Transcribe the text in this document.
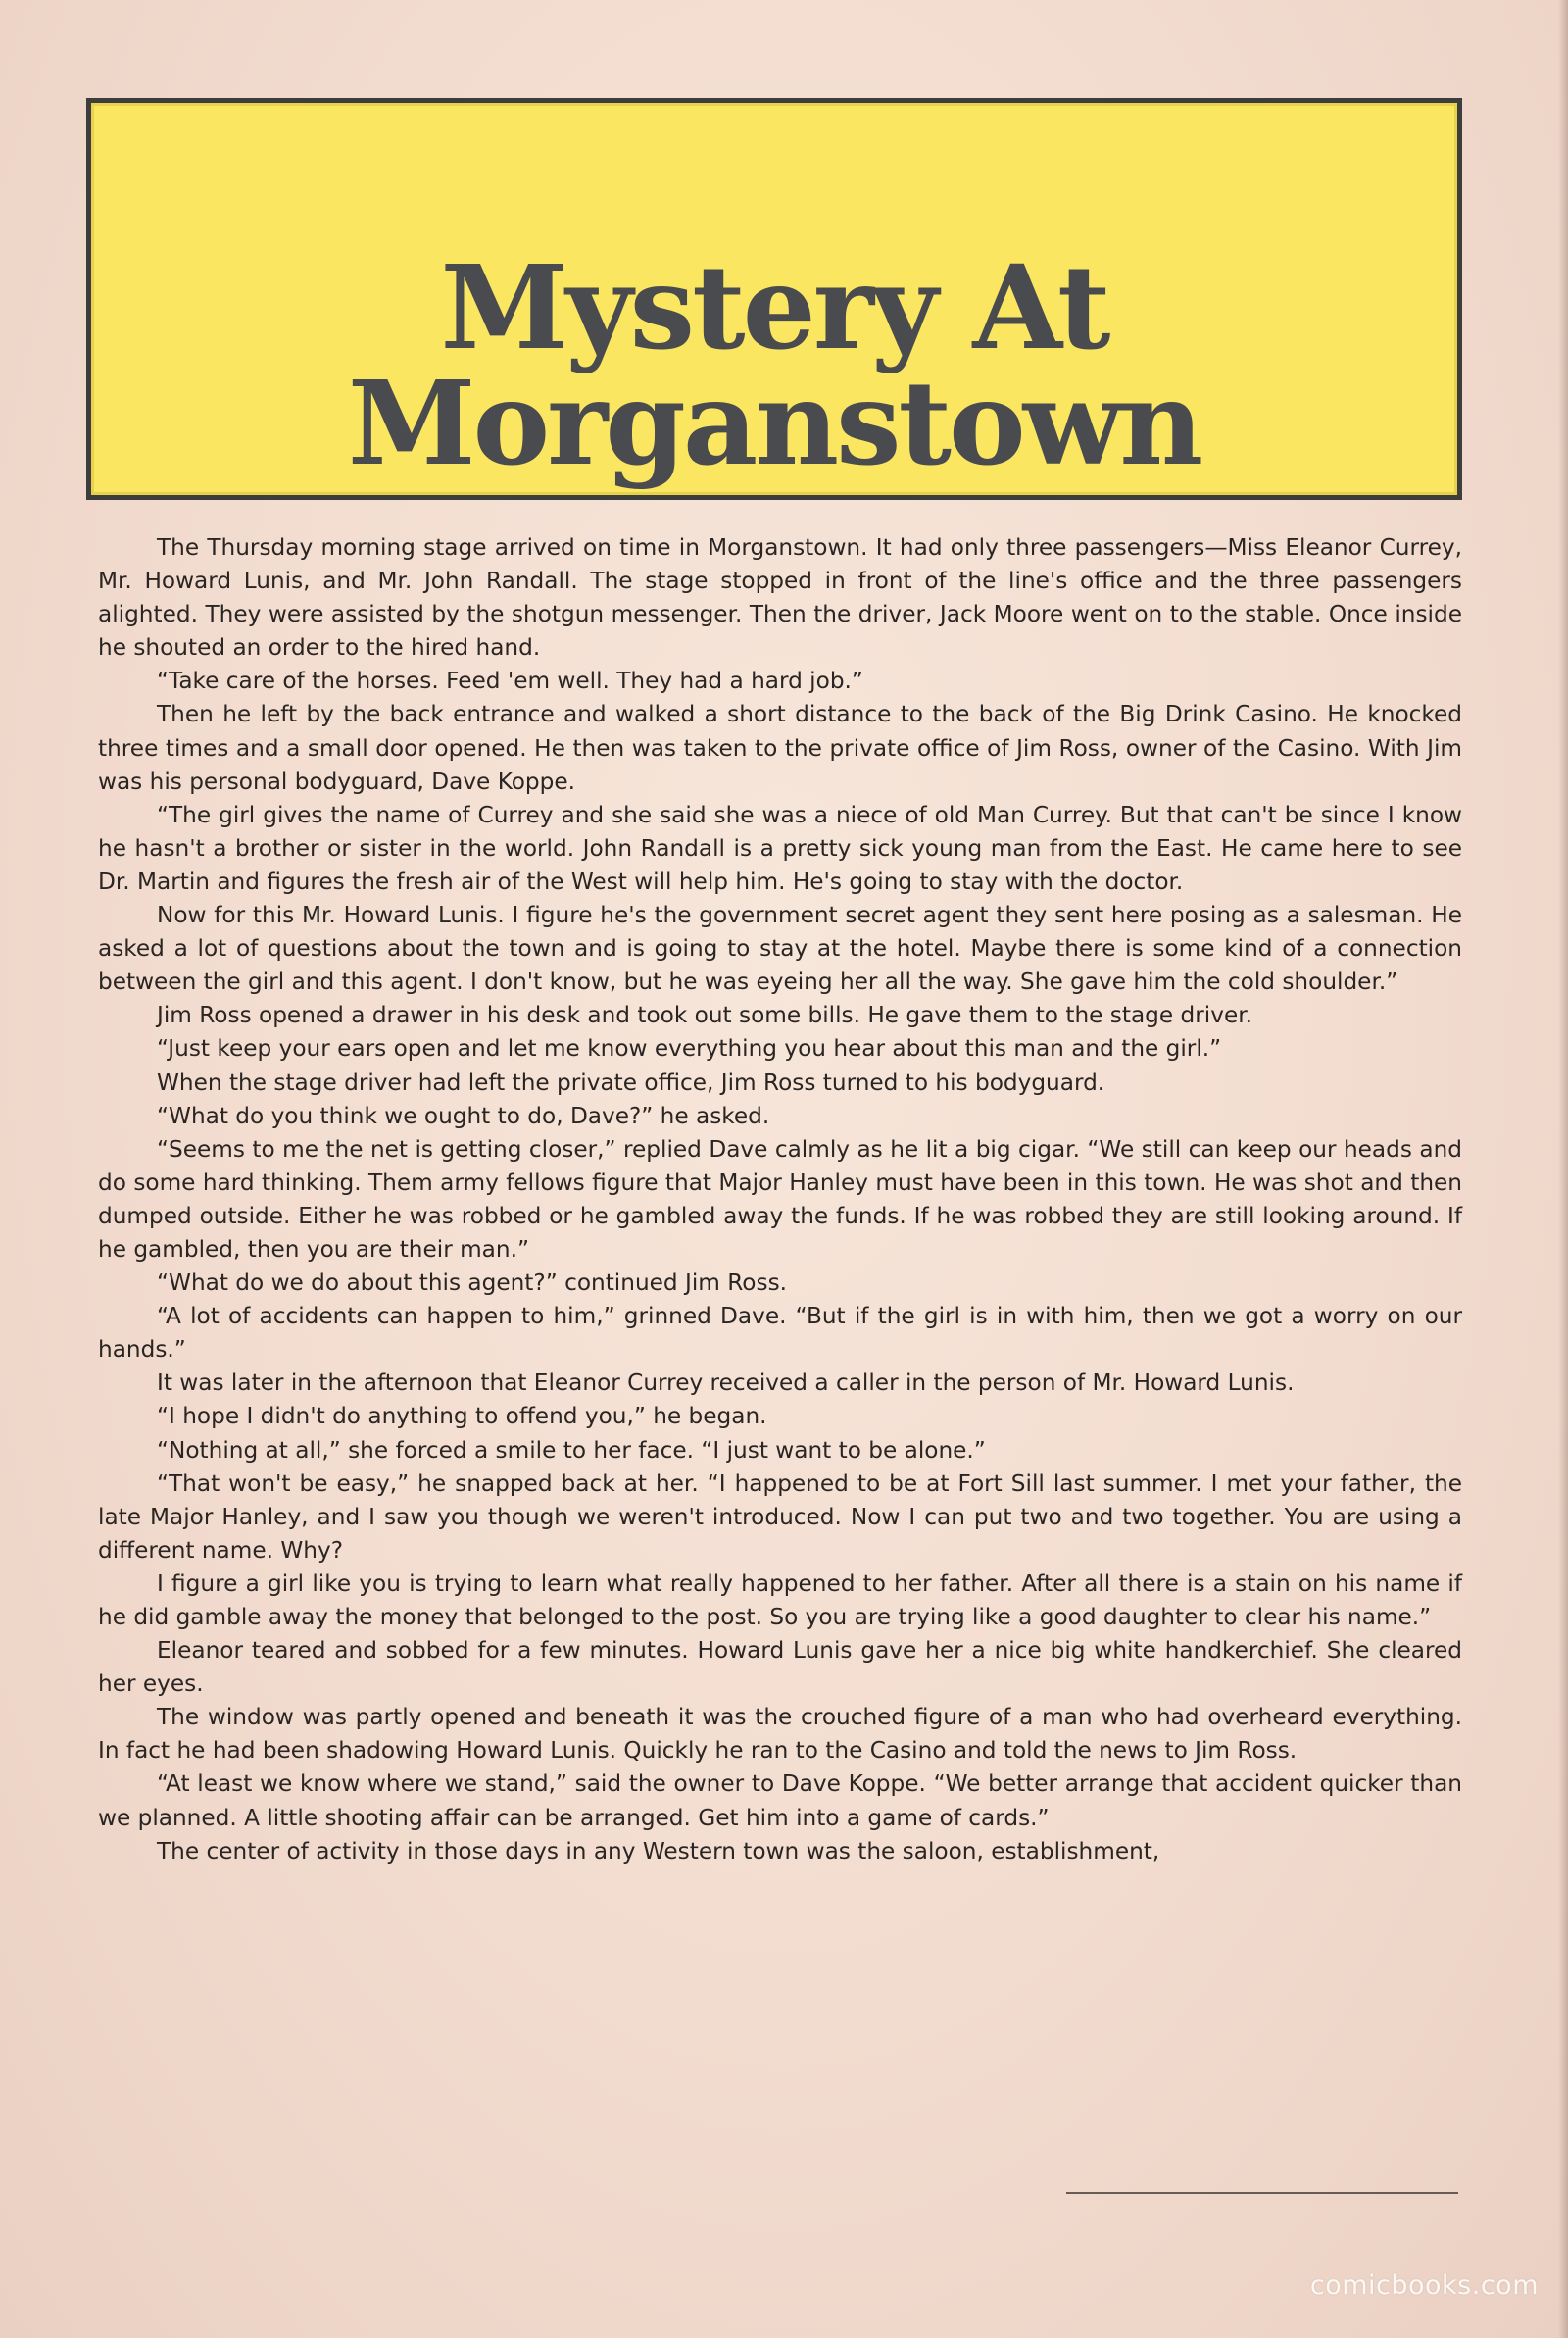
Mystery At Morganstown

The Thursday morning stage arrived on time in Morganstown. It had only three passengers—Miss Eleanor Currey, Mr. Howard Lunis, and Mr. John Randall. The stage stopped in front of the line's office and the three passengers alighted. They were assisted by the shotgun messenger. Then the driver, Jack Moore went on to the stable. Once inside he shouted an order to the hired hand.

“Take care of the horses. Feed 'em well. They had a hard job.”

Then he left by the back entrance and walked a short distance to the back of the Big Drink Casino. He knocked three times and a small door opened. He then was taken to the private office of Jim Ross, owner of the Casino. With Jim was his personal bodyguard, Dave Koppe.

“The girl gives the name of Currey and she said she was a niece of old Man Currey. But that can't be since I know he hasn't a brother or sister in the world. John Randall is a pretty sick young man from the East. He came here to see Dr. Martin and figures the fresh air of the West will help him. He's going to stay with the doctor.

Now for this Mr. Howard Lunis. I figure he's the government secret agent they sent here posing as a salesman. He asked a lot of questions about the town and is going to stay at the hotel. Maybe there is some kind of a connection between the girl and this agent. I don't know, but he was eyeing her all the way. She gave him the cold shoulder.”

Jim Ross opened a drawer in his desk and took out some bills. He gave them to the stage driver.

“Just keep your ears open and let me know everything you hear about this man and the girl.”

When the stage driver had left the private office, Jim Ross turned to his bodyguard.

“What do you think we ought to do, Dave?” he asked.

“Seems to me the net is getting closer,” replied Dave calmly as he lit a big cigar. “We still can keep our heads and do some hard thinking. Them army fellows figure that Major Hanley must have been in this town. He was shot and then dumped outside. Either he was robbed or he gambled away the funds. If he was robbed they are still looking around. If he gambled, then you are their man.”

“What do we do about this agent?” continued Jim Ross.

“A lot of accidents can happen to him,” grinned Dave. “But if the girl is in with him, then we got a worry on our hands.”

It was later in the afternoon that Eleanor Currey received a caller in the person of Mr. Howard Lunis.

“I hope I didn't do anything to offend you,” he began.

“Nothing at all,” she forced a smile to her face. “I just want to be alone.”

“That won't be easy,” he snapped back at her. “I happened to be at Fort Sill last summer. I met your father, the late Major Hanley, and I saw you though we weren't introduced. Now I can put two and two together. You are using a different name. Why?

I figure a girl like you is trying to learn what really happened to her father. After all there is a stain on his name if he did gamble away the money that belonged to the post. So you are trying like a good daughter to clear his name.”

Eleanor teared and sobbed for a few minutes. Howard Lunis gave her a nice big white handkerchief. She cleared her eyes.

The window was partly opened and beneath it was the crouched figure of a man who had overheard everything. In fact he had been shadowing Howard Lunis. Quickly he ran to the Casino and told the news to Jim Ross.

“At least we know where we stand,” said the owner to Dave Koppe. “We better arrange that accident quicker than we planned. A little shooting affair can be arranged. Get him into a game of cards.”

The center of activity in those days in any Western town was the saloon, establishment,

comicbooks.com
